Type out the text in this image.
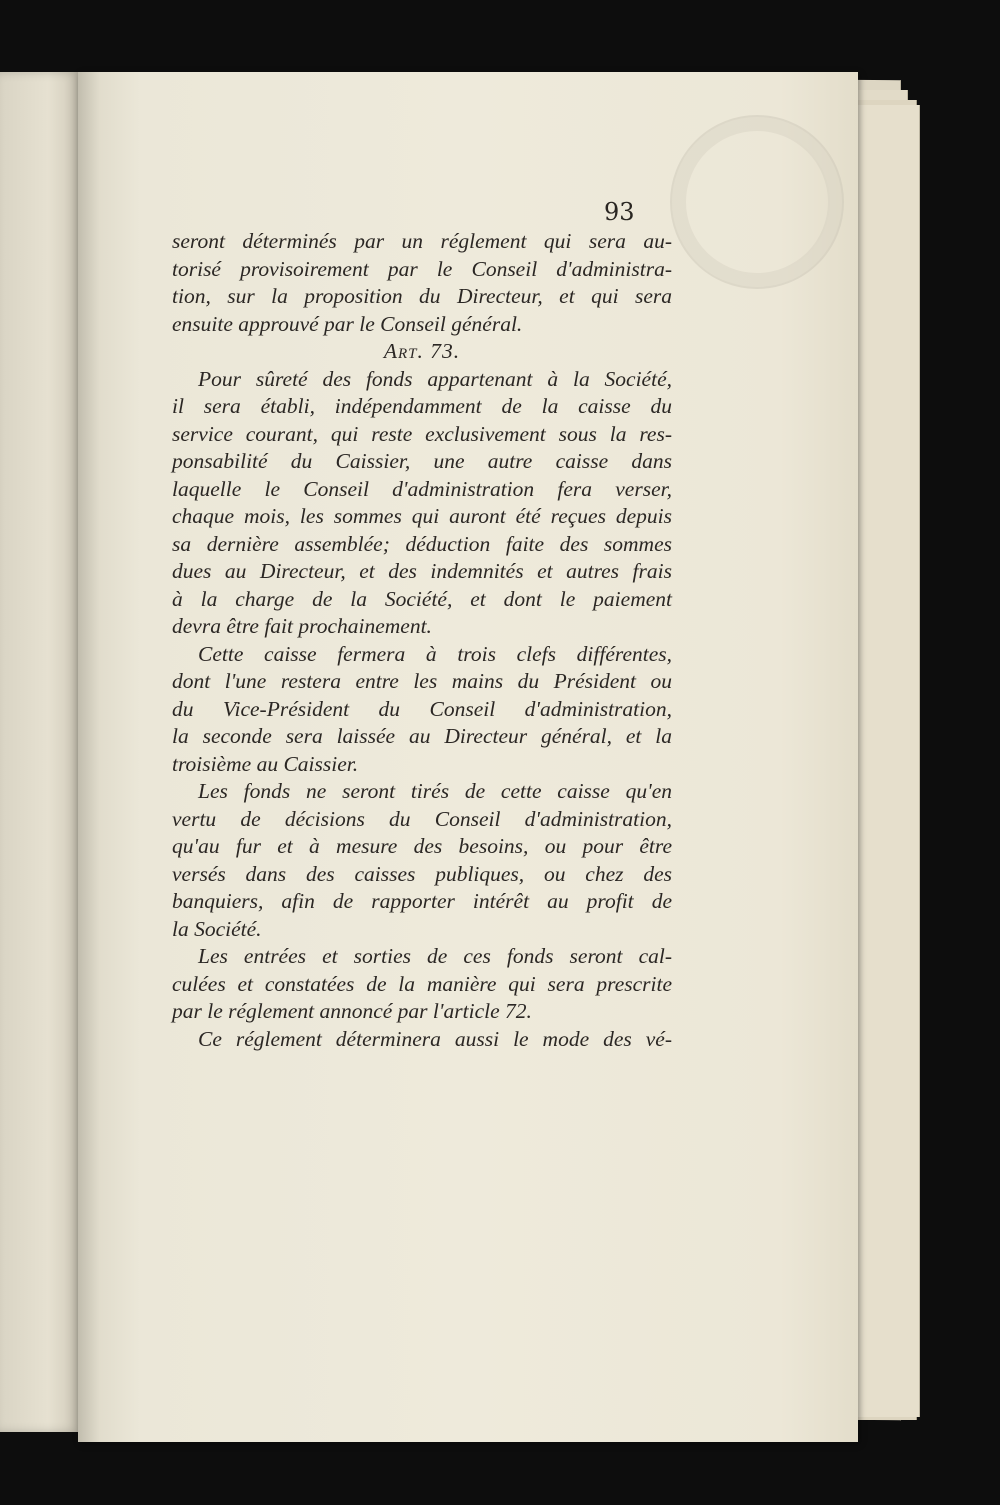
93
seront déterminés par un réglement qui sera au-
torisé provisoirement par le Conseil d'administra-
tion, sur la proposition du Directeur, et qui sera
ensuite approuvé par le Conseil général.
Art. 73.
Pour sûreté des fonds appartenant à la Société,
il sera établi, indépendamment de la caisse du
service courant, qui reste exclusivement sous la res-
ponsabilité du Caissier, une autre caisse dans
laquelle le Conseil d'administration fera verser,
chaque mois, les sommes qui auront été reçues depuis
sa dernière assemblée; déduction faite des sommes
dues au Directeur, et des indemnités et autres frais
à la charge de la Société, et dont le paiement
devra être fait prochainement.
Cette caisse fermera à trois clefs différentes,
dont l'une restera entre les mains du Président ou
du Vice-Président du Conseil d'administration,
la seconde sera laissée au Directeur général, et la
troisième au Caissier.
Les fonds ne seront tirés de cette caisse qu'en
vertu de décisions du Conseil d'administration,
qu'au fur et à mesure des besoins, ou pour être
versés dans des caisses publiques, ou chez des
banquiers, afin de rapporter intérêt au profit de
la Société.
Les entrées et sorties de ces fonds seront cal-
culées et constatées de la manière qui sera prescrite
par le réglement annoncé par l'article 72.
Ce réglement déterminera aussi le mode des vé-
